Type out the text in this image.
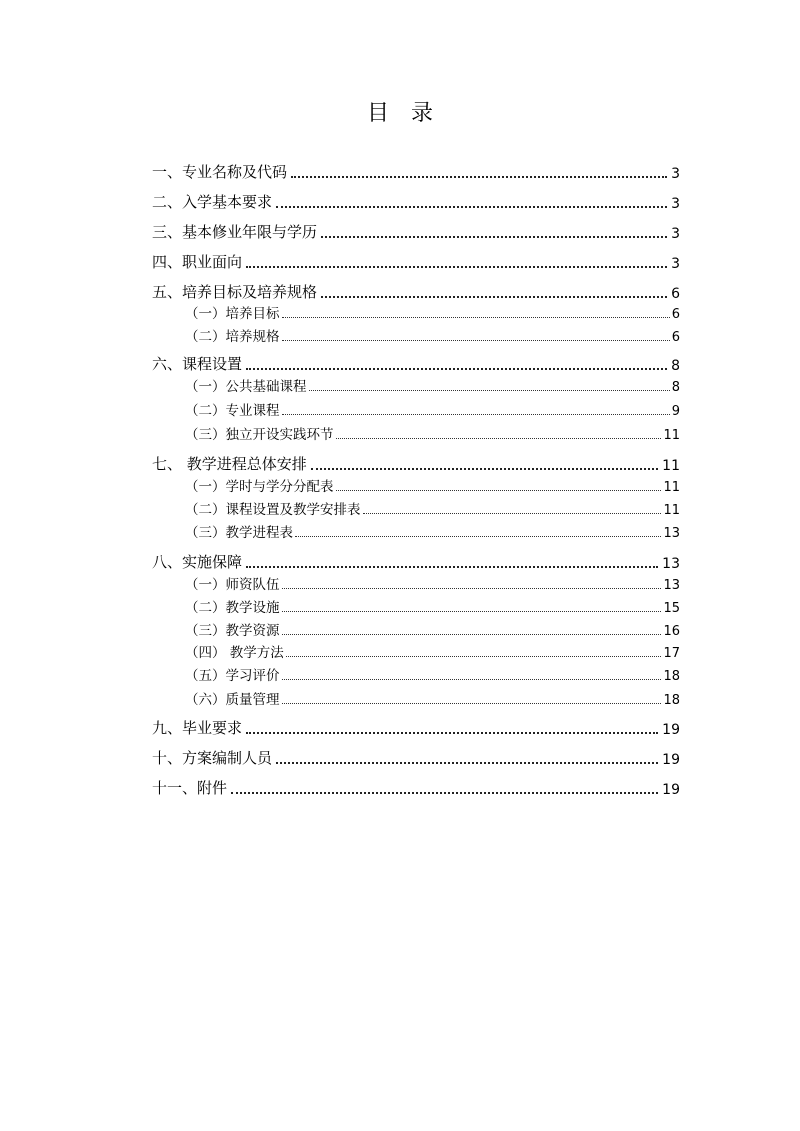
目 录
一、专业名称及代码	3
二、入学基本要求	3
三、基本修业年限与学历	3
四、职业面向	3
五、培养目标及培养规格	6
（一）培养目标	6
（二）培养规格	6
六、课程设置	8
（一）公共基础课程	8
（二）专业课程	9
（三）独立开设实践环节	11
七、 教学进程总体安排	11
（一）学时与学分分配表	11
（二）课程设置及教学安排表	11
（三）教学进程表	13
八、实施保障	13
（一）师资队伍	13
（二）教学设施	15
（三）教学资源	16
（四） 教学方法	17
（五）学习评价	18
（六）质量管理	18
九、毕业要求	19
十、方案编制人员	19
十一、附件	19
